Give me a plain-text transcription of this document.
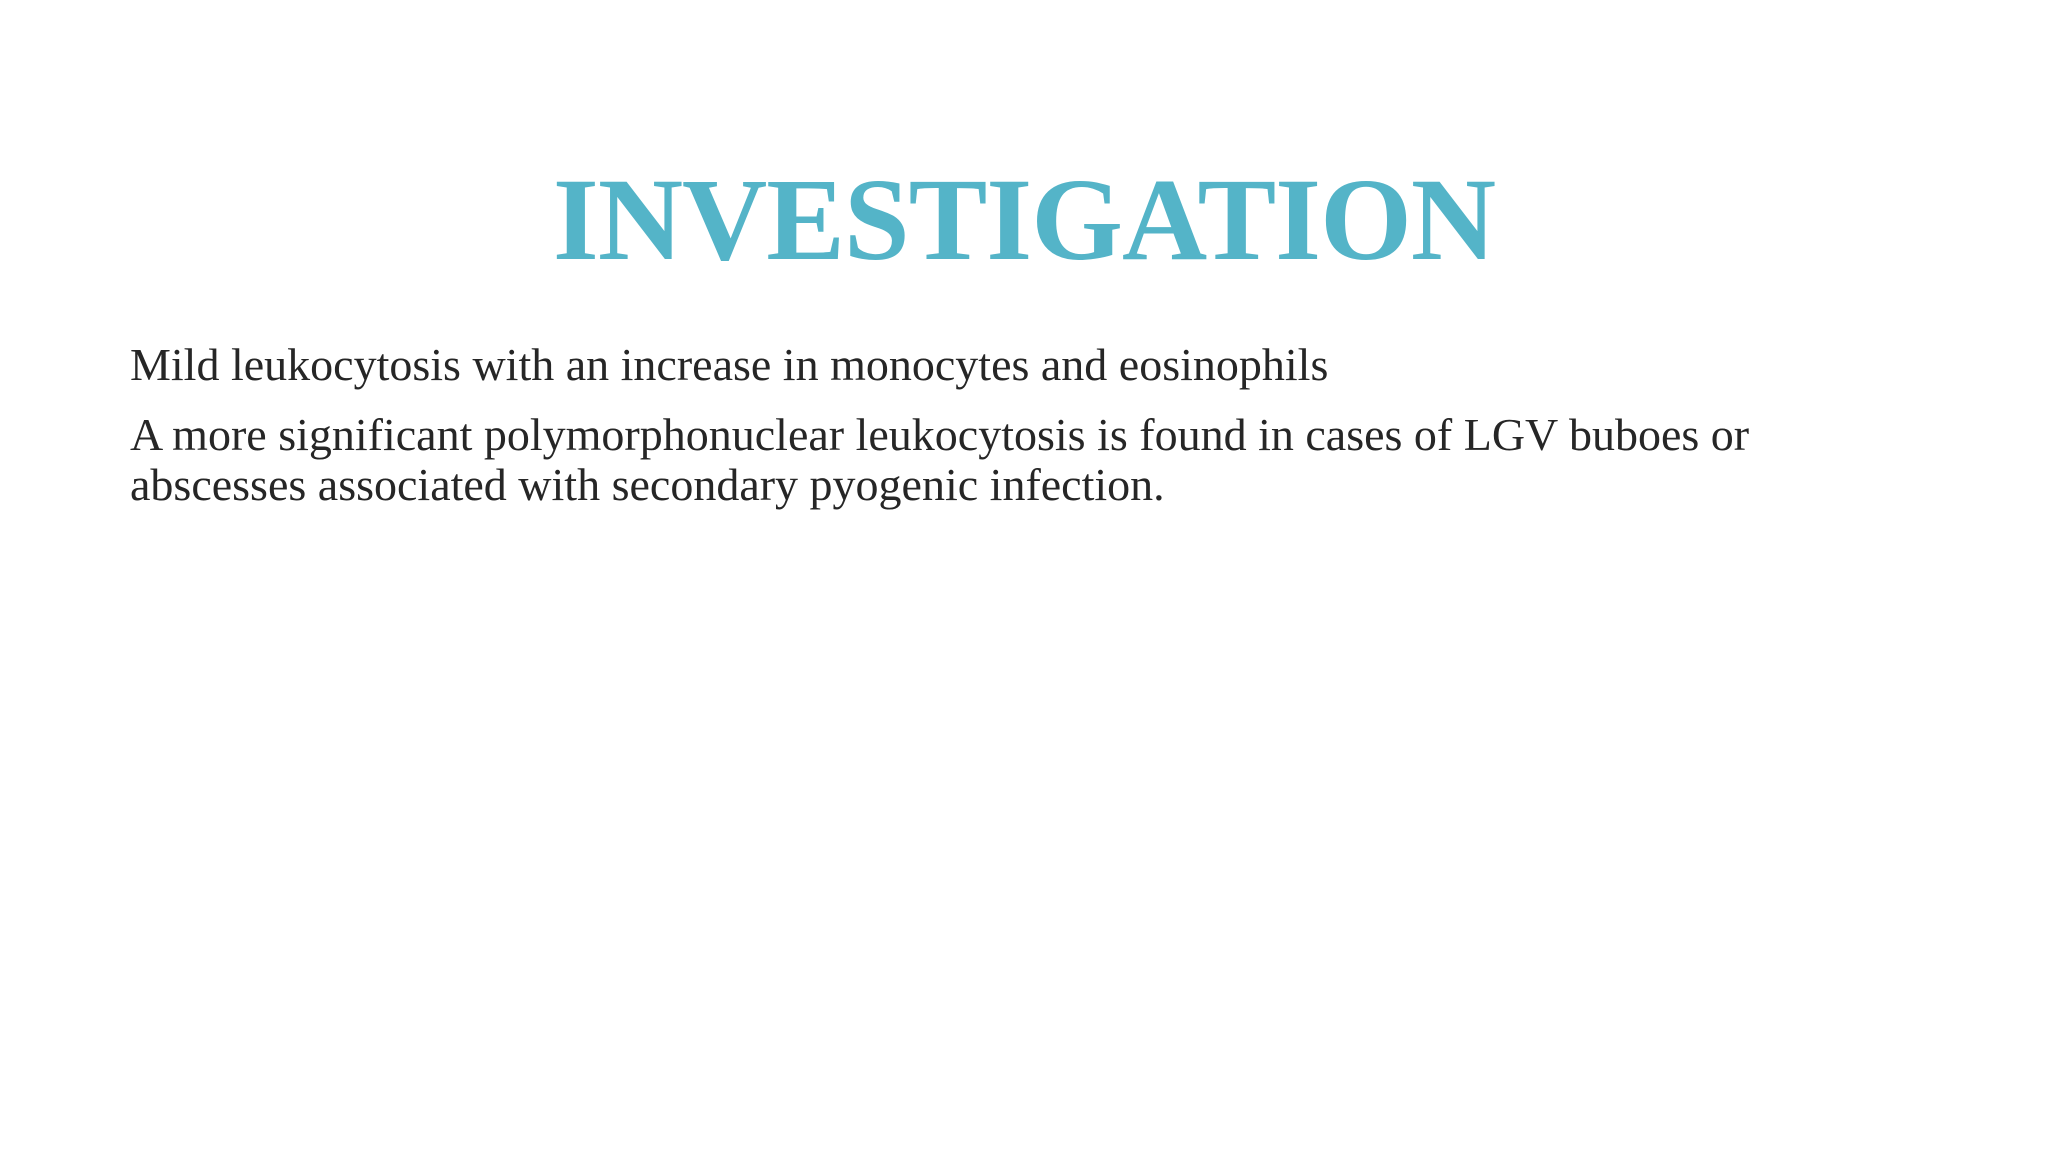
INVESTIGATION

Mild leukocytosis with an increase in monocytes and eosinophils

A more significant polymorphonuclear leukocytosis is found in cases of LGV buboes or abscesses associated with secondary pyogenic infection.
